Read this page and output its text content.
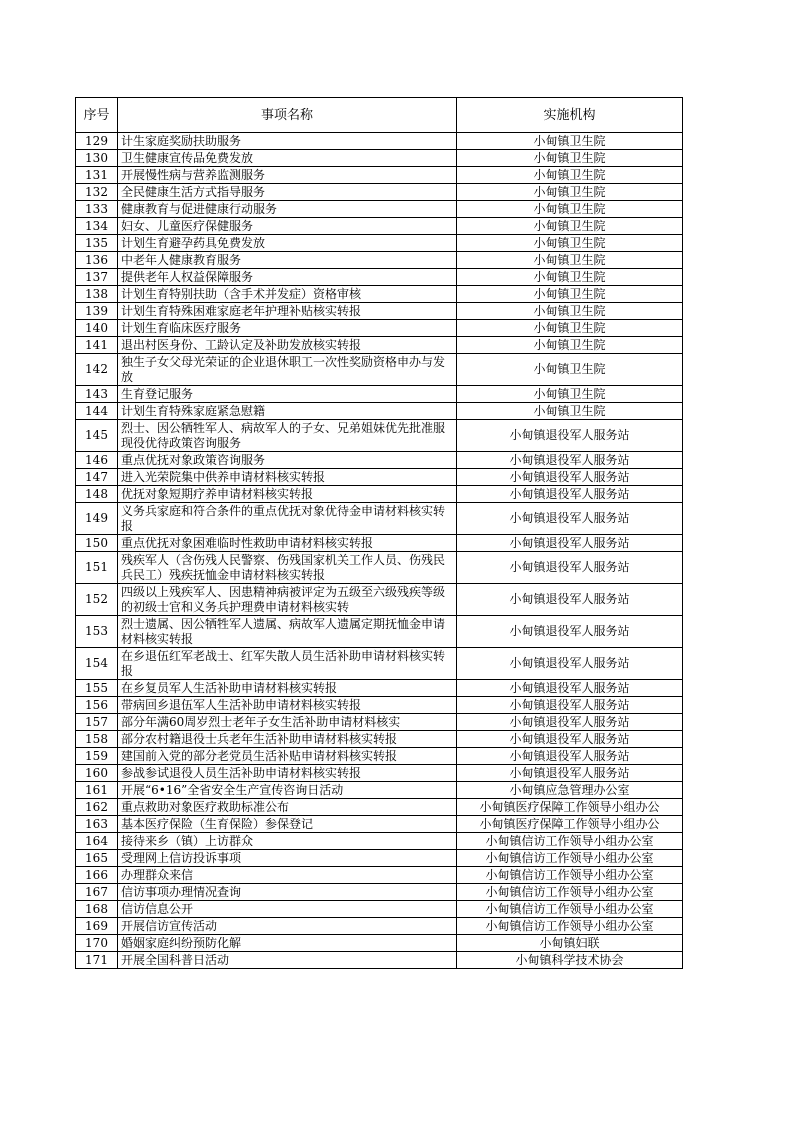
序号	事项名称	实施机构
129	计生家庭奖励扶助服务	小甸镇卫生院
130	卫生健康宣传品免费发放	小甸镇卫生院
131	开展慢性病与营养监测服务	小甸镇卫生院
132	全民健康生活方式指导服务	小甸镇卫生院
133	健康教育与促进健康行动服务	小甸镇卫生院
134	妇女、儿童医疗保健服务	小甸镇卫生院
135	计划生育避孕药具免费发放	小甸镇卫生院
136	中老年人健康教育服务	小甸镇卫生院
137	提供老年人权益保障服务	小甸镇卫生院
138	计划生育特别扶助（含手术并发症）资格审核	小甸镇卫生院
139	计划生育特殊困难家庭老年护理补贴核实转报	小甸镇卫生院
140	计划生育临床医疗服务	小甸镇卫生院
141	退出村医身份、工龄认定及补助发放核实转报	小甸镇卫生院
142	独生子女父母光荣证的企业退休职工一次性奖励资格申办与发放	小甸镇卫生院
143	生育登记服务	小甸镇卫生院
144	计划生育特殊家庭紧急慰籍	小甸镇卫生院
145	烈士、因公牺牲军人、病故军人的子女、兄弟姐妹优先批准服现役优待政策咨询服务	小甸镇退役军人服务站
146	重点优抚对象政策咨询服务	小甸镇退役军人服务站
147	进入光荣院集中供养申请材料核实转报	小甸镇退役军人服务站
148	优抚对象短期疗养申请材料核实转报	小甸镇退役军人服务站
149	义务兵家庭和符合条件的重点优抚对象优待金申请材料核实转报	小甸镇退役军人服务站
150	重点优抚对象困难临时性救助申请材料核实转报	小甸镇退役军人服务站
151	残疾军人（含伤残人民警察、伤残国家机关工作人员、伤残民兵民工）残疾抚恤金申请材料核实转报	小甸镇退役军人服务站
152	四级以上残疾军人、因患精神病被评定为五级至六级残疾等级的初级士官和义务兵护理费申请材料核实转	小甸镇退役军人服务站
153	烈士遗属、因公牺牲军人遗属、病故军人遗属定期抚恤金申请材料核实转报	小甸镇退役军人服务站
154	在乡退伍红军老战士、红军失散人员生活补助申请材料核实转报	小甸镇退役军人服务站
155	在乡复员军人生活补助申请材料核实转报	小甸镇退役军人服务站
156	带病回乡退伍军人生活补助申请材料核实转报	小甸镇退役军人服务站
157	部分年满60周岁烈士老年子女生活补助申请材料核实	小甸镇退役军人服务站
158	部分农村籍退役士兵老年生活补助申请材料核实转报	小甸镇退役军人服务站
159	建国前入党的部分老党员生活补贴申请材料核实转报	小甸镇退役军人服务站
160	参战参试退役人员生活补助申请材料核实转报	小甸镇退役军人服务站
161	开展“6•16”全省安全生产宣传咨询日活动	小甸镇应急管理办公室
162	重点救助对象医疗救助标准公布	小甸镇医疗保障工作领导小组办公
163	基本医疗保险（生育保险）参保登记	小甸镇医疗保障工作领导小组办公
164	接待来乡（镇）上访群众	小甸镇信访工作领导小组办公室
165	受理网上信访投诉事项	小甸镇信访工作领导小组办公室
166	办理群众来信	小甸镇信访工作领导小组办公室
167	信访事项办理情况查询	小甸镇信访工作领导小组办公室
168	信访信息公开	小甸镇信访工作领导小组办公室
169	开展信访宣传活动	小甸镇信访工作领导小组办公室
170	婚姻家庭纠纷预防化解	小甸镇妇联
171	开展全国科普日活动	小甸镇科学技术协会
